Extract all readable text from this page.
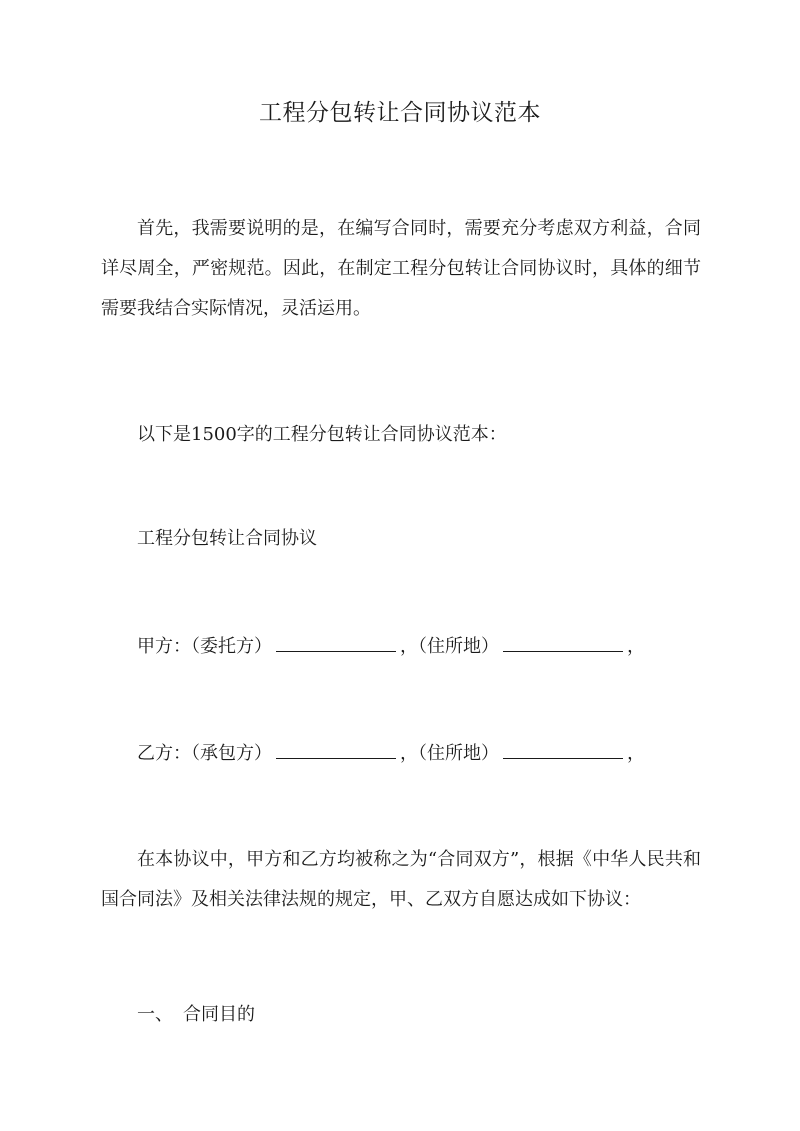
工程分包转让合同协议范本
首先，我需要说明的是，在编写合同时，需要充分考虑双方利益，合同详尽周全，严密规范。因此，在制定工程分包转让合同协议时，具体的细节需要我结合实际情况，灵活运用。
以下是1500字的工程分包转让合同协议范本：
工程分包转让合同协议
甲方：（委托方）	，（住所地）	，
乙方：（承包方）	，（住所地）	，
在本协议中，甲方和乙方均被称之为“合同双方”，根据《中华人民共和国合同法》及相关法律法规的规定，甲、乙双方自愿达成如下协议：
一、 合同目的
